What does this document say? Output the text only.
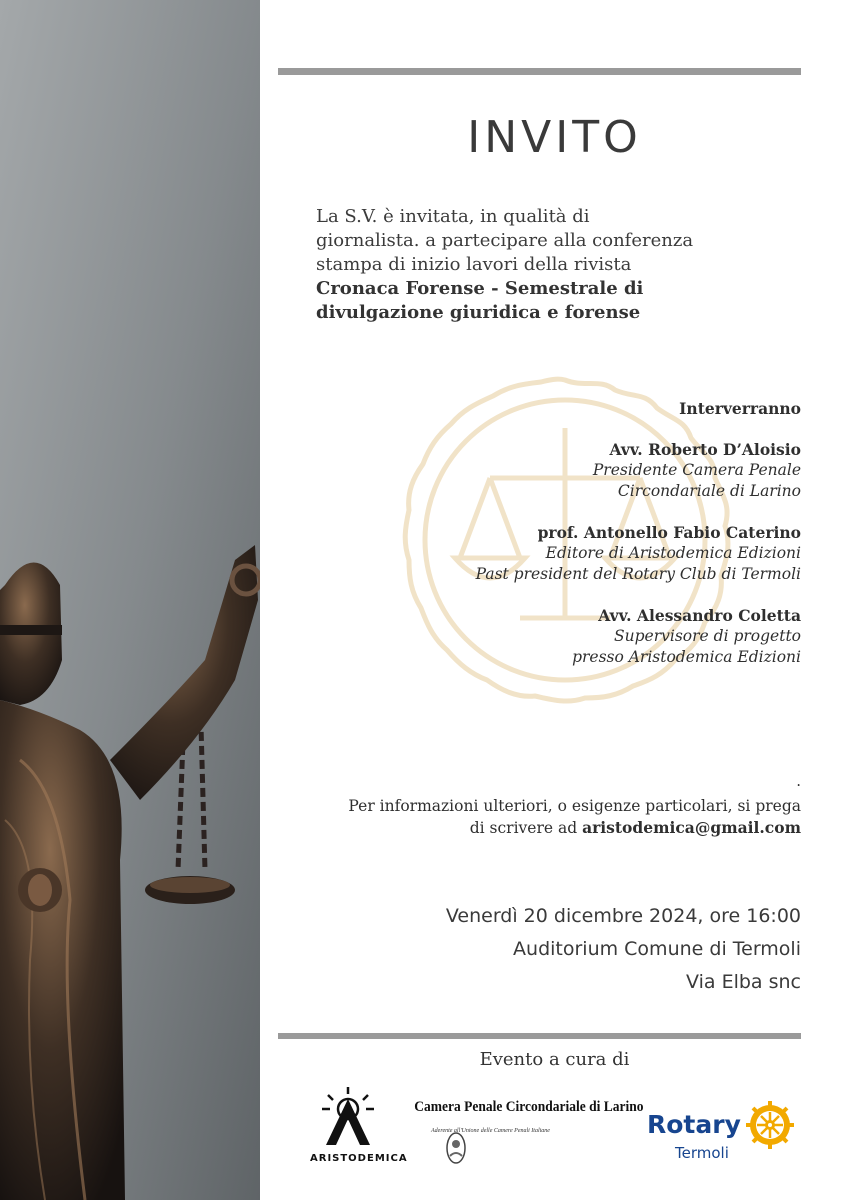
INVITO
La S.V. è invitata, in qualità di
giornalista. a partecipare alla conferenza
stampa di inizio lavori della rivista
Cronaca Forense - Semestrale di
divulgazione giuridica e forense
Interverranno
Avv. Roberto D’Aloisio
Presidente Camera Penale
Circondariale di Larino
prof. Antonello Fabio Caterino
Editore di Aristodemica Edizioni
Past president del Rotary Club di Termoli
Avv. Alessandro Coletta
Supervisore di progetto
presso Aristodemica Edizioni
.
Per informazioni ulteriori, o esigenze particolari, si prega
di scrivere ad aristodemica@gmail.com
Venerdì 20 dicembre 2024, ore 16:00
Auditorium Comune di Termoli
Via Elba snc
Evento a cura di
ARISTODEMICA
Camera Penale Circondariale di Larino
Aderente all'Unione delle Camere Penali Italiane	Rotary
Termoli
